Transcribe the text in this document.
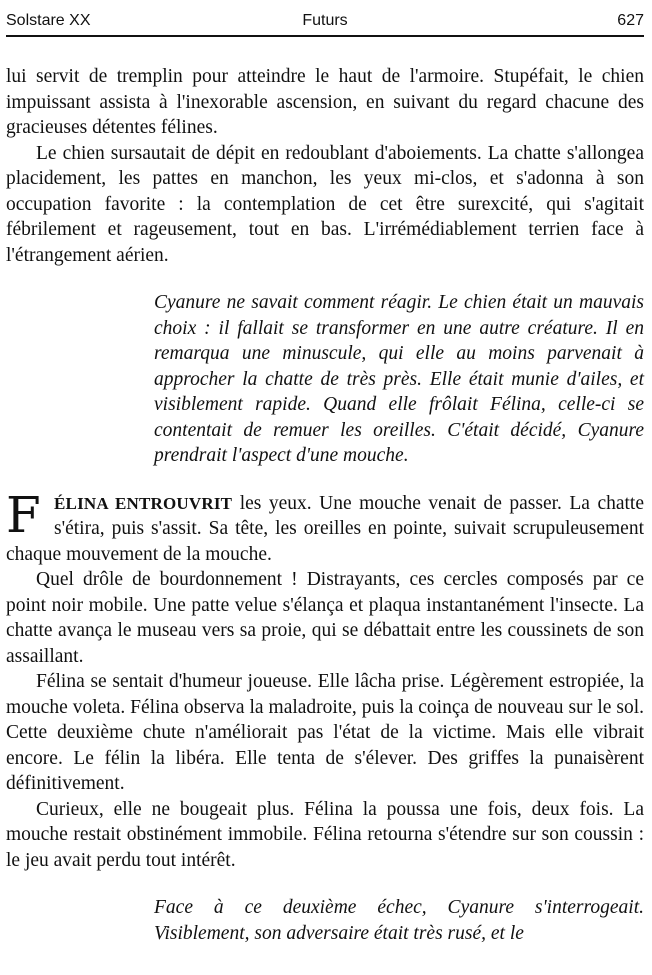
Solstare XX	Futurs	627

lui servit de tremplin pour atteindre le haut de l'armoire. Stupéfait, le chien impuissant assista à l'inexorable ascension, en suivant du regard chacune des gracieuses détentes félines.

Le chien sursautait de dépit en redoublant d'aboiements. La chatte s'allongea placidement, les pattes en manchon, les yeux mi-clos, et s'adonna à son occupation favorite : la contemplation de cet être surexcité, qui s'agitait fébrilement et rageusement, tout en bas. L'irrémédiablement terrien face à l'étrangement aérien.

Cyanure ne savait comment réagir. Le chien était un mauvais choix : il fallait se transformer en une autre créature. Il en remarqua une minuscule, qui elle au moins parvenait à approcher la chatte de très près. Elle était munie d'ailes, et visiblement rapide. Quand elle frôlait Félina, celle-ci se contentait de remuer les oreilles. C'était décidé, Cyanure prendrait l'aspect d'une mouche.

F ÉLINA ENTROUVRIT les yeux. Une mouche venait de passer. La chatte s'étira, puis s'assit. Sa tête, les oreilles en pointe, suivait scrupuleusement chaque mouvement de la mouche.

Quel drôle de bourdonnement ! Distrayants, ces cercles composés par ce point noir mobile. Une patte velue s'élança et plaqua instantanément l'insecte. La chatte avança le museau vers sa proie, qui se débattait entre les coussinets de son assaillant.

Félina se sentait d'humeur joueuse. Elle lâcha prise. Légèrement estropiée, la mouche voleta. Félina observa la maladroite, puis la coinça de nouveau sur le sol. Cette deuxième chute n'améliorait pas l'état de la victime. Mais elle vibrait encore. Le félin la libéra. Elle tenta de s'élever. Des griffes la punaisèrent définitivement.

Curieux, elle ne bougeait plus. Félina la poussa une fois, deux fois. La mouche restait obstinément immobile. Félina retourna s'étendre sur son coussin : le jeu avait perdu tout intérêt.

Face à ce deuxième échec, Cyanure s'interrogeait. Visiblement, son adversaire était très rusé, et le
